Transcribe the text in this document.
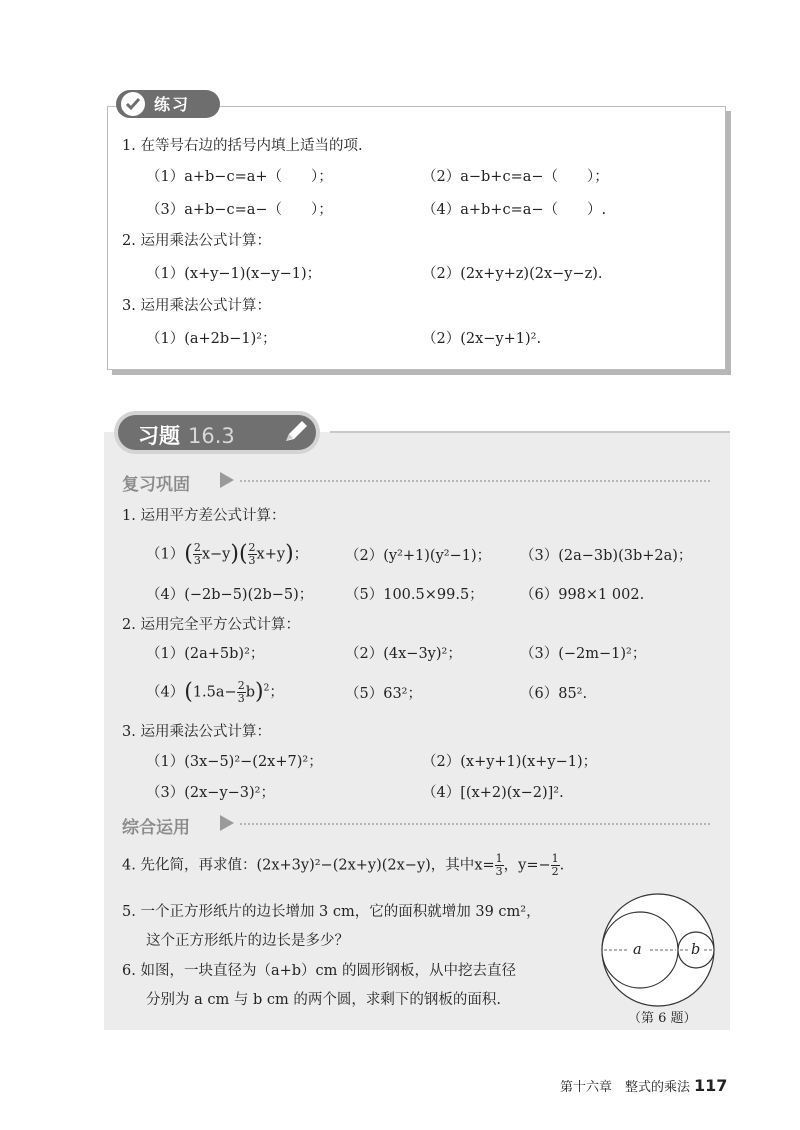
练习
1. 在等号右边的括号内填上适当的项.
（1）a+b−c=a+（　　）；	（2）a−b+c=a−（　　）；
（3）a+b−c=a−（　　）；	（4）a+b+c=a−（　　）.
2. 运用乘法公式计算：
（1）(x+y−1)(x−y−1)；	（2）(2x+y+z)(2x−y−z).
3. 运用乘法公式计算：
（1）(a+2b−1)²；	（2）(2x−y+1)².
习题 16.3
复习巩固
1. 运用平方差公式计算：
$(1)( \frac{2}{3} x-y)( \frac{2}{3} x+y)$；	（2）(y²+1)(y²−1)； （3）(2a−3b)(3b+2a)；
（4）(−2b−5)(2b−5)； （5）100.5×99.5；	（6）998×1 002.
2. 运用完全平方公式计算：
（1）(2a+5b)²；	（2）(4x−3y)²；	（3）(−2m−1)²；
$(4)(1.5a- \frac{2}{3} b)^2$；	（5）63²；	（6）85².
3. 运用乘法公式计算：
（1）(3x−5)²−(2x+7)²；	（2）(x+y+1)(x+y−1)；
（3）(2x−y−3)²；	（4）[(x+2)(x−2)]².
综合运用
4. 先化简，再求值：(2x+3y)²−(2x+y)(2x−y)，其中$x= \frac{1}{3}$ ，$y=- \frac{1}{2}$ .
5. 一个正方形纸片的边长增加 3 cm，它的面积就增加 39 cm²，
这个正方形纸片的边长是多少？
6. 如图，一块直径为（a+b）cm 的圆形钢板，从中挖去直径
分别为 a cm 与 b cm 的两个圆，求剩下的钢板的面积.
a	b
（第 6 题）
第十六章　整式的乘法 117
